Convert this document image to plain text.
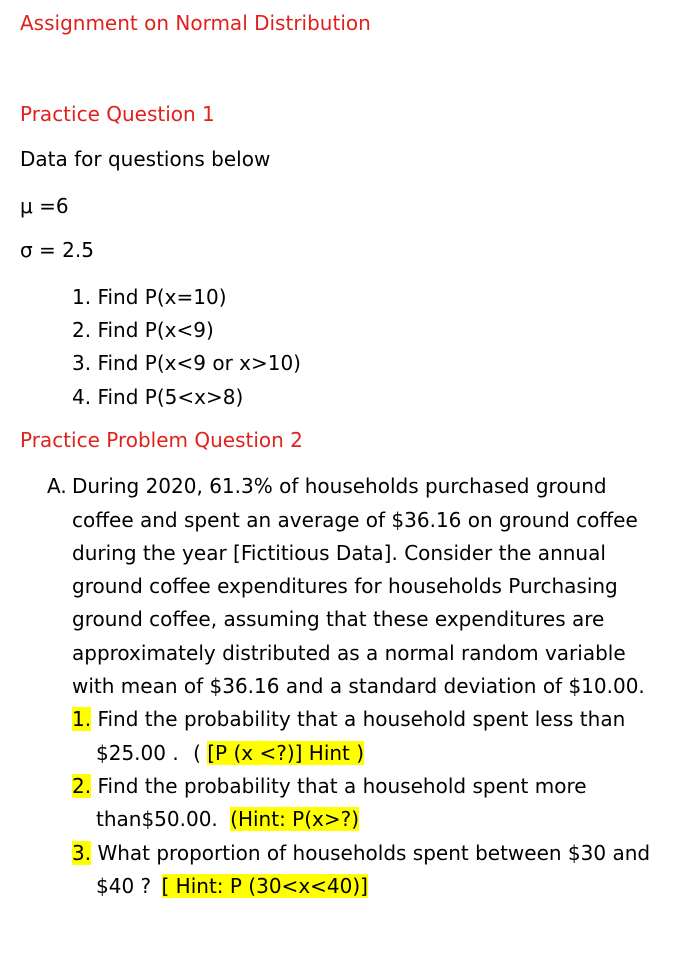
Assignment on Normal Distribution
Practice Question 1
Data for questions below
μ =6
σ = 2.5
1. Find P(x=10)
2. Find P(x<9)
3. Find P(x<9 or x>10)
4. Find P(5<x>8)
Practice Problem Question 2
A. During 2020, 61.3% of households purchased ground
coffee and spent an average of $36.16 on ground coffee
during the year [Fictitious Data]. Consider the annual
ground coffee expenditures for households Purchasing
ground coffee, assuming that these expenditures are
approximately distributed as a normal random variable
with mean of $36.16 and a standard deviation of $10.00.
1. Find the probability that a household spent less than
$25.00 . ( [P (x <?)] Hint )
2. Find the probability that a household spent more
than$50.00. (Hint: P(x>?)
3. What proportion of households spent between $30 and
$40 ? [ Hint: P (30<x<40)]
